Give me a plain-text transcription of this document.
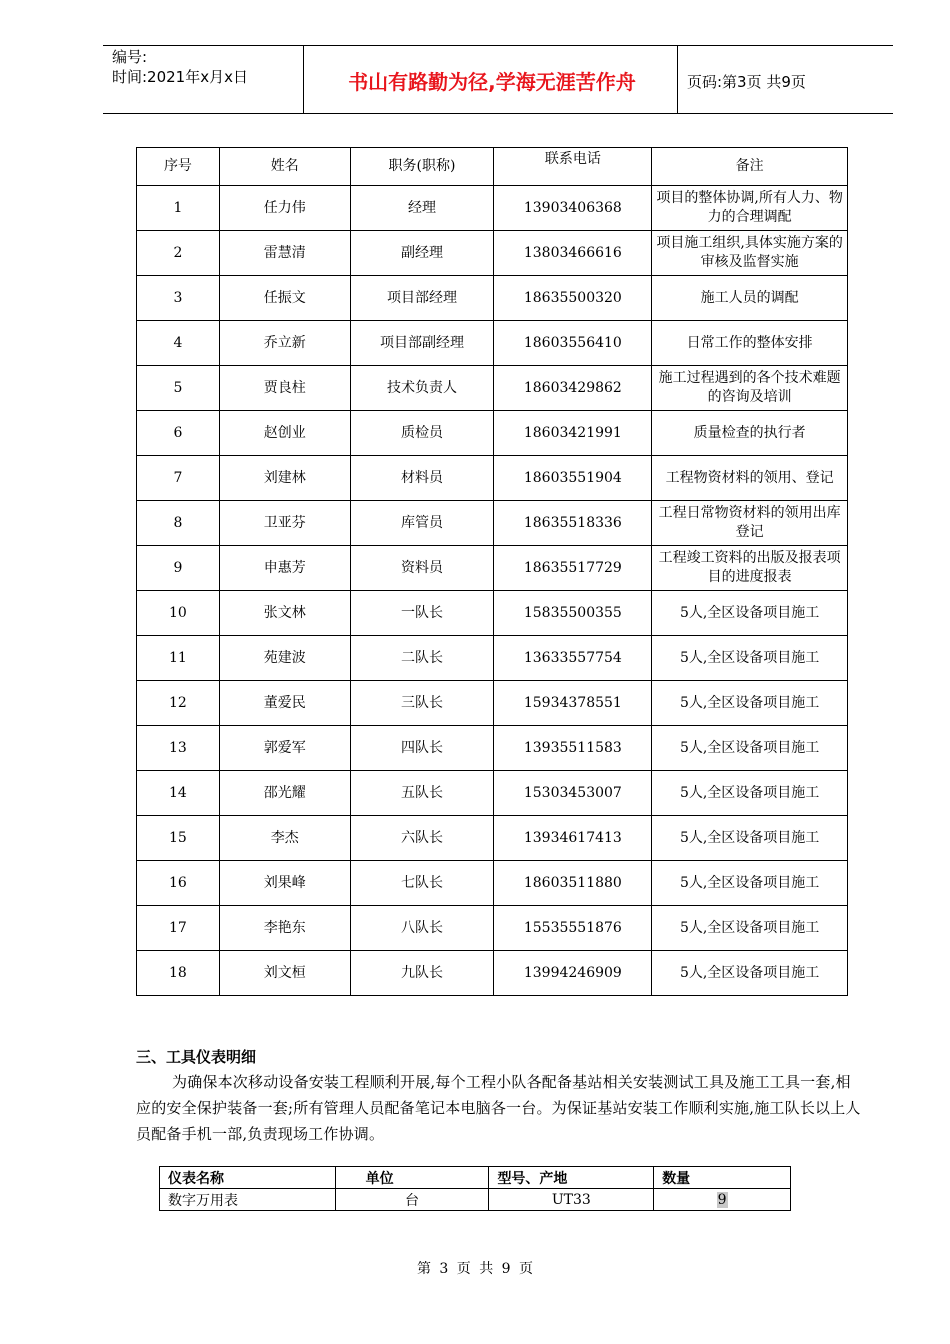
编号:
时间:2021年x月x日	书山有路勤为径,学海无涯苦作舟	页码:第3页 共9页
序号	姓名	职务(职称)	联系电话	备注
1	任力伟	经理	13903406368	项目的整体协调,所有人力、物力的合理调配
2	雷慧清	副经理	13803466616	项目施工组织,具体实施方案的审核及监督实施
3	任振文	项目部经理	18635500320	施工人员的调配
4	乔立新	项目部副经理	18603556410	日常工作的整体安排
5	贾良柱	技术负责人	18603429862	施工过程遇到的各个技术难题的咨询及培训
6	赵创业	质检员	18603421991	质量检查的执行者
7	刘建林	材料员	18603551904	工程物资材料的领用、登记
8	卫亚芬	库管员	18635518336	工程日常物资材料的领用出库登记
9	申惠芳	资料员	18635517729	工程竣工资料的出版及报表项目的进度报表
10	张文林	一队长	15835500355	5人,全区设备项目施工
11	苑建波	二队长	13633557754	5人,全区设备项目施工
12	董爱民	三队长	15934378551	5人,全区设备项目施工
13	郭爱军	四队长	13935511583	5人,全区设备项目施工
14	邵光耀	五队长	15303453007	5人,全区设备项目施工
15	李杰	六队长	13934617413	5人,全区设备项目施工
16	刘果峰	七队长	18603511880	5人,全区设备项目施工
17	李艳东	八队长	15535551876	5人,全区设备项目施工
18	刘文桓	九队长	13994246909	5人,全区设备项目施工
三、工具仪表明细
为确保本次移动设备安装工程顺利开展,每个工程小队各配备基站相关安装测试工具及施工工具一套,相应的安全保护装备一套;所有管理人员配备笔记本电脑各一台。为保证基站安装工作顺利实施,施工队长以上人员配备手机一部,负责现场工作协调。
仪表名称	单位	型号、产地	数量
数字万用表	台	UT33	9
第 3 页 共 9 页
